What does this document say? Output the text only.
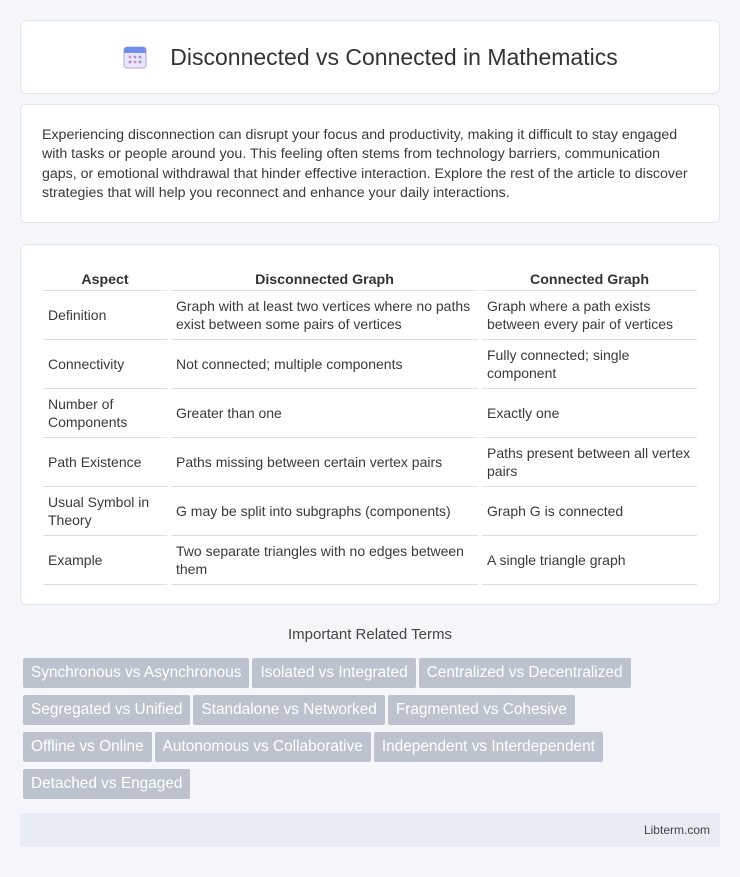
Disconnected vs Connected in Mathematics

Experiencing disconnection can disrupt your focus and productivity, making it difficult to stay engaged with tasks or people around you. This feeling often stems from technology barriers, communication gaps, or emotional withdrawal that hinder effective interaction. Explore the rest of the article to discover strategies that will help you reconnect and enhance your daily interactions.

Aspect	Disconnected Graph	Connected Graph
Definition	Graph with at least two vertices where no paths exist between some pairs of vertices	Graph where a path exists between every pair of vertices
Connectivity	Not connected; multiple components	Fully connected; single component
Number of Components	Greater than one	Exactly one
Path Existence	Paths missing between certain vertex pairs	Paths present between all vertex pairs
Usual Symbol in Theory	G may be split into subgraphs (components)	Graph G is connected
Example	Two separate triangles with no edges between them	A single triangle graph
Important Related Terms
Synchronous vs Asynchronous Isolated vs Integrated Centralized vs Decentralized
Segregated vs Unified Standalone vs Networked Fragmented vs Cohesive
Offline vs Online Autonomous vs Collaborative Independent vs Interdependent
Detached vs Engaged
Libterm.com
